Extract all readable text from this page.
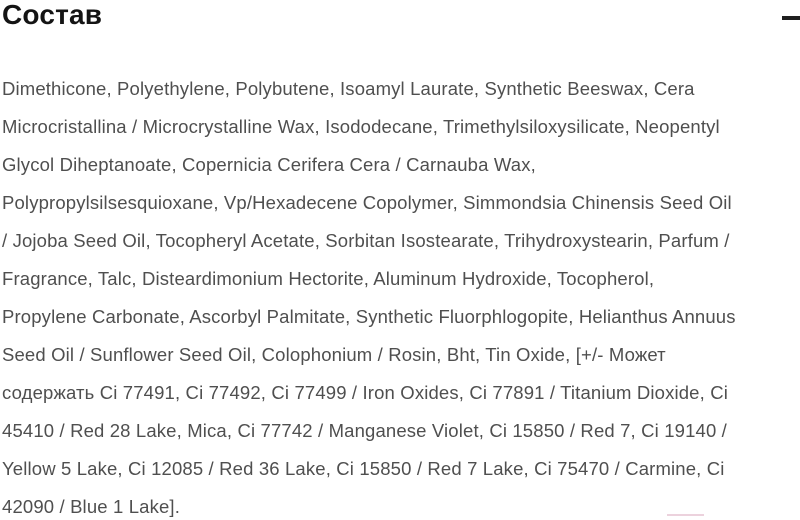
Состав
Dimethicone, Polyethylene, Polybutene, Isoamyl Laurate, Synthetic Beeswax, Cera
Microcristallina / Microcrystalline Wax, Isododecane, Trimethylsiloxysilicate, Neopentyl
Glycol Diheptanoate, Copernicia Cerifera Cera / Carnauba Wax,
Polypropylsilsesquioxane, Vp/Hexadecene Copolymer, Simmondsia Chinensis Seed Oil
/ Jojoba Seed Oil, Tocopheryl Acetate, Sorbitan Isostearate, Trihydroxystearin, Parfum /
Fragrance, Talc, Disteardimonium Hectorite, Aluminum Hydroxide, Tocopherol,
Propylene Carbonate, Ascorbyl Palmitate, Synthetic Fluorphlogopite, Helianthus Annuus
Seed Oil / Sunflower Seed Oil, Colophonium / Rosin, Bht, Tin Oxide, [+/- Может
содержать Ci 77491, Ci 77492, Ci 77499 / Iron Oxides, Ci 77891 / Titanium Dioxide, Ci
45410 / Red 28 Lake, Mica, Ci 77742 / Manganese Violet, Ci 15850 / Red 7, Ci 19140 /
Yellow 5 Lake, Ci 12085 / Red 36 Lake, Ci 15850 / Red 7 Lake, Ci 75470 / Carmine, Ci
42090 / Blue 1 Lake].
